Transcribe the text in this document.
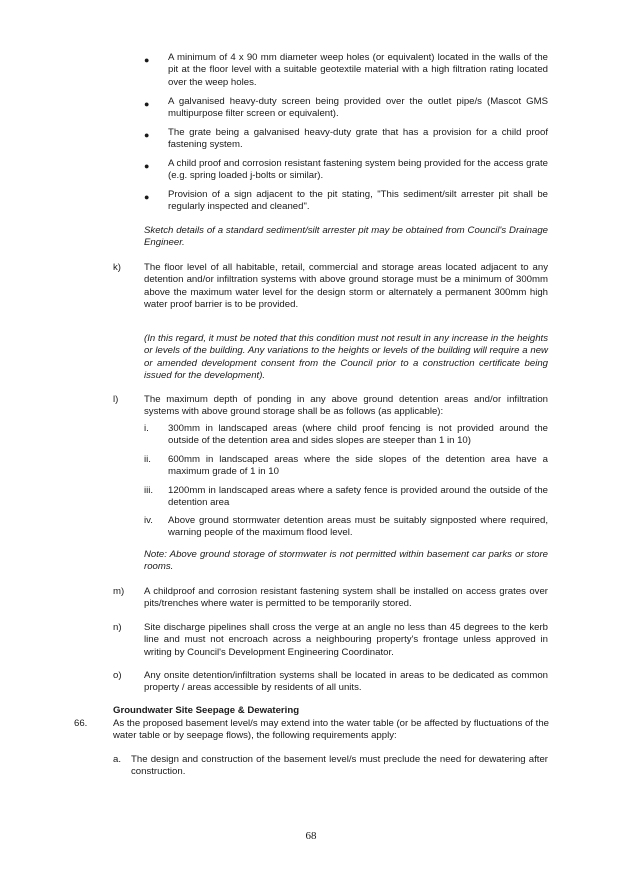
● A minimum of 4 x 90 mm diameter weep holes (or equivalent) located in the walls of the pit at the floor level with a suitable geotextile material with a high filtration rating located over the weep holes.

● A galvanised heavy-duty screen being provided over the outlet pipe/s (Mascot GMS multipurpose filter screen or equivalent).

● The grate being a galvanised heavy-duty grate that has a provision for a child proof fastening system.

● A child proof and corrosion resistant fastening system being provided for the access grate (e.g. spring loaded j-bolts or similar).

● Provision of a sign adjacent to the pit stating, "This sediment/silt arrester pit shall be regularly inspected and cleaned".

Sketch details of a standard sediment/silt arrester pit may be obtained from Council's Drainage Engineer.

k) The floor level of all habitable, retail, commercial and storage areas located adjacent to any detention and/or infiltration systems with above ground storage must be a minimum of 300mm above the maximum water level for the design storm or alternately a permanent 300mm high water proof barrier is to be provided.

(In this regard, it must be noted that this condition must not result in any increase in the heights or levels of the building. Any variations to the heights or levels of the building will require a new or amended development consent from the Council prior to a construction certificate being issued for the development).

l)	The maximum depth of ponding in any above ground detention areas and/or infiltration systems with above ground storage shall be as follows (as applicable):

i. 300mm in landscaped areas (where child proof fencing is not provided around the outside of the detention area and sides slopes are steeper than 1 in 10)

ii. 600mm in landscaped areas where the side slopes of the detention area have a maximum grade of 1 in 10

iii. 1200mm in landscaped areas where a safety fence is provided around the outside of the detention area

iv. Above ground stormwater detention areas must be suitably signposted where required, warning people of the maximum flood level.

Note: Above ground storage of stormwater is not permitted within basement car parks or store rooms.

m) A childproof and corrosion resistant fastening system shall be installed on access grates over pits/trenches where water is permitted to be temporarily stored.

n) Site discharge pipelines shall cross the verge at an angle no less than 45 degrees to the kerb line and must not encroach across a neighbouring property's frontage unless approved in writing by Council's Development Engineering Coordinator.

o) Any onsite detention/infiltration systems shall be located in areas to be dedicated as common property / areas accessible by residents of all units.

Groundwater Site Seepage & Dewatering

66.	As the proposed basement level/s may extend into the water table (or be affected by fluctuations of the water table or by seepage flows), the following requirements apply:

a. The design and construction of the basement level/s must preclude the need for dewatering after construction.

68
